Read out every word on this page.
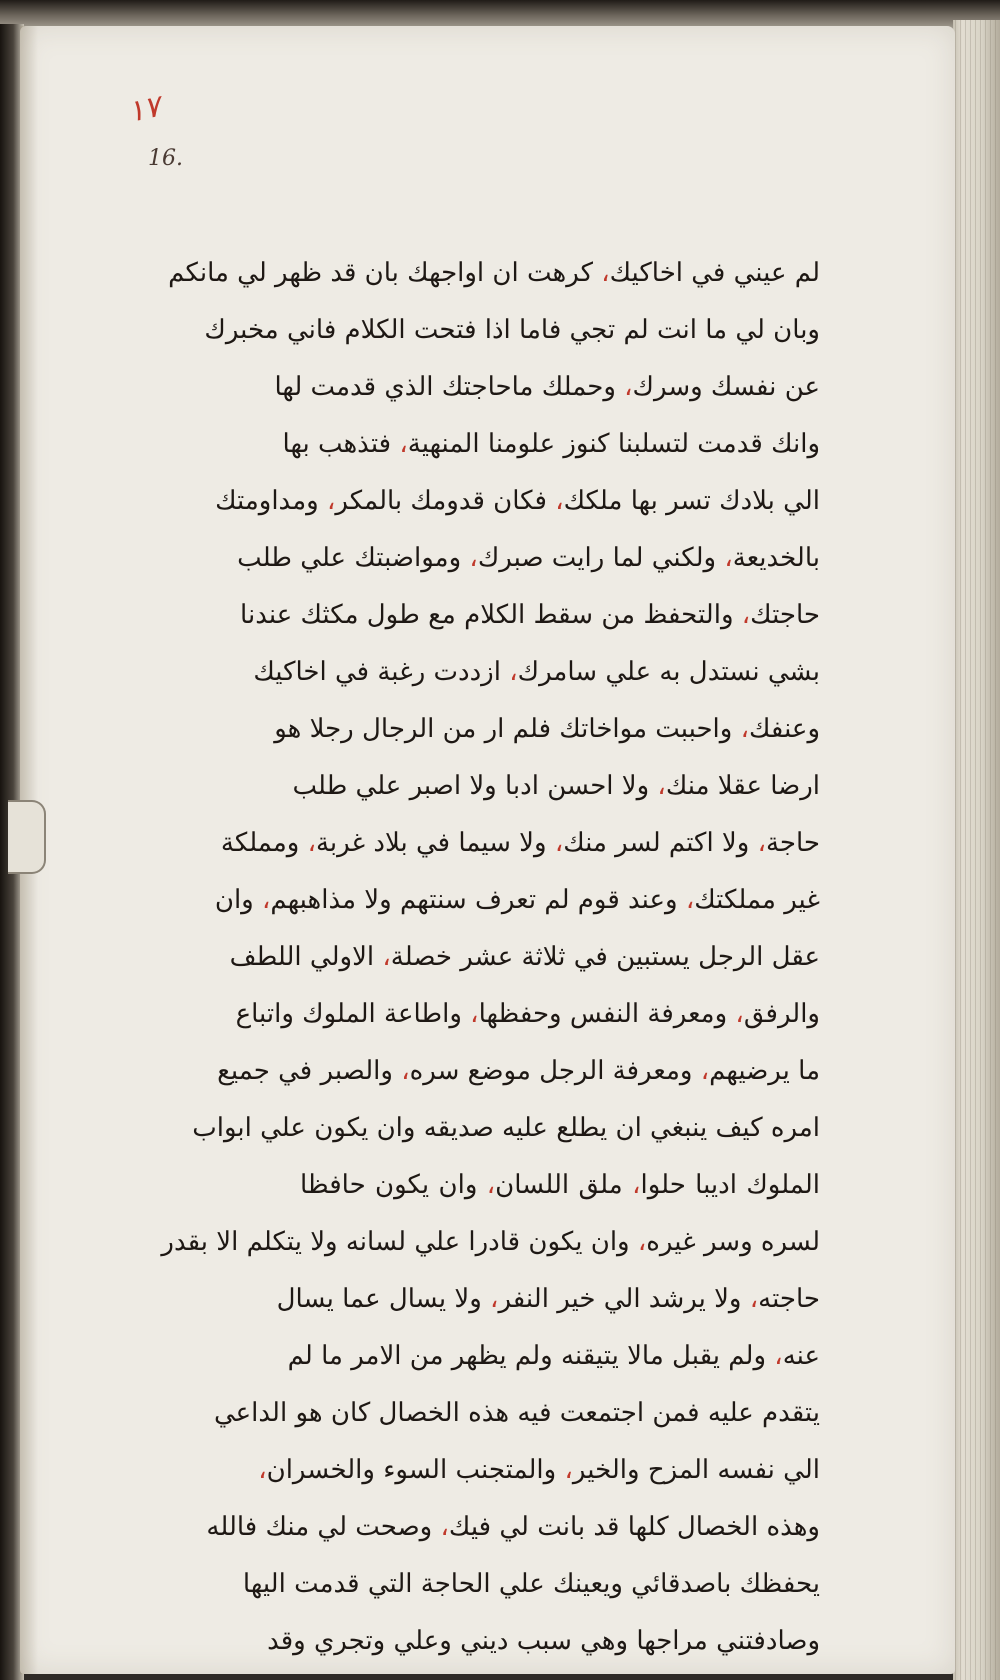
١٧
16.
لم عيني في اخاكيك، كرهت ان اواجهك بان قد ظهر لي مانكم
وبان لي ما انت لم تجي فاما اذا فتحت الكلام فاني مخبرك
عن نفسك وسرك، وحملك ماحاجتك الذي قدمت لها
وانك قدمت لتسلبنا كنوز علومنا المنهية، فتذهب بها
الي بلادك تسر بها ملكك، فكان قدومك بالمكر، ومداومتك
بالخديعة، ولكني لما رايت صبرك، ومواضبتك علي طلب
حاجتك، والتحفظ من سقط الكلام مع طول مكثك عندنا
بشي نستدل به علي سامرك، ازددت رغبة في اخاكيك
وعنفك، واحببت مواخاتك فلم ار من الرجال رجلا هو
ارضا عقلا منك، ولا احسن ادبا ولا اصبر علي طلب
حاجة، ولا اكتم لسر منك، ولا سيما في بلاد غربة، ومملكة
غير مملكتك، وعند قوم لم تعرف سنتهم ولا مذاهبهم، وان
عقل الرجل يستبين في ثلاثة عشر خصلة، الاولي اللطف
والرفق، ومعرفة النفس وحفظها، واطاعة الملوك واتباع
ما يرضيهم، ومعرفة الرجل موضع سره، والصبر في جميع
امره كيف ينبغي ان يطلع عليه صديقه وان يكون علي ابواب
الملوك اديبا حلوا، ملق اللسان، وان يكون حافظا
لسره وسر غيره، وان يكون قادرا علي لسانه ولا يتكلم الا بقدر
حاجته، ولا يرشد الي خير النفر، ولا يسال عما يسال
عنه، ولم يقبل مالا يتيقنه ولم يظهر من الامر ما لم
يتقدم عليه فمن اجتمعت فيه هذه الخصال كان هو الداعي
الي نفسه المزح والخير، والمتجنب السوء والخسران،
وهذه الخصال كلها قد بانت لي فيك، وصحت لي منك فالله
يحفظك باصدقائي ويعينك علي الحاجة التي قدمت اليها
وصادفتني مراجها وهي سبب ديني وعلي وتجري وقد
